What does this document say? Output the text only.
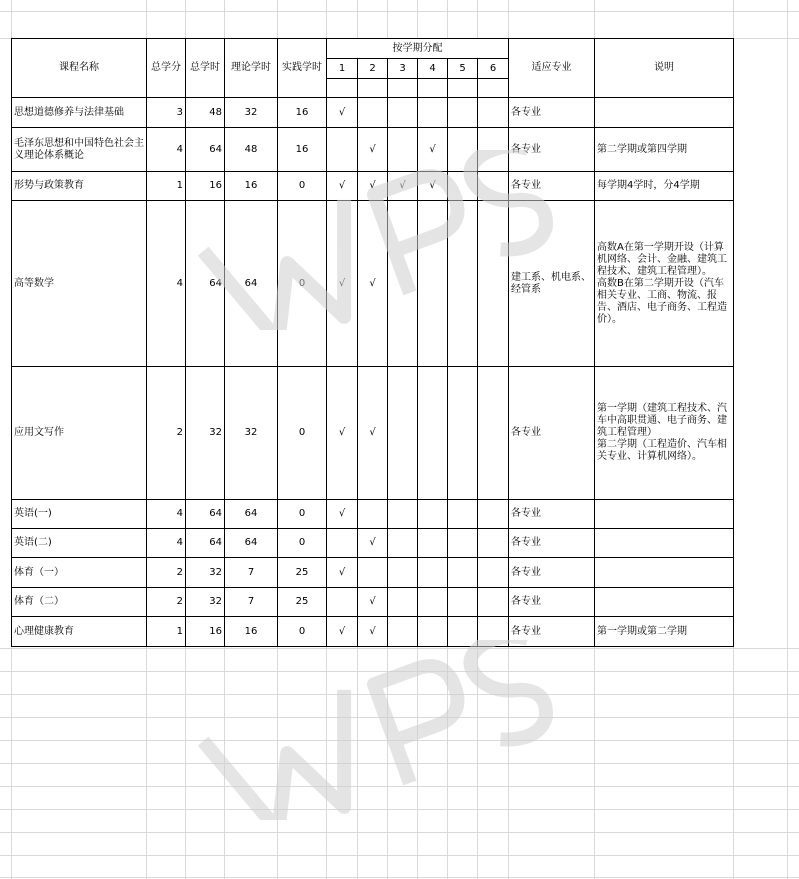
课程名称	总学分	总学时	理论学时	实践学时	按学期分配						适应专业	说明
					1	2	3	4	5	6		

思想道德修养与法律基础	3	48	32	16	√						各专业	
毛泽东思想和中国特色社会主义理论体系概论	4	64	48	16		√		√			各专业	第二学期或第四学期
形势与政策教育	1	16	16	0	√	√	√	√			各专业	每学期4学时，分4学期
高等数学	4	64	64	0	√	√					建工系、机电系、经管系	高数A在第一学期开设（计算机网络、会计、金融、建筑工程技术、建筑工程管理）。
高数B在第二学期开设（汽车相关专业、工商、物流、报告、酒店、电子商务、工程造价）。

应用文写作	2	32	32	0	√	√					各专业	第一学期（建筑工程技术、汽车中高职贯通、电子商务、建筑工程管理）
第二学期（工程造价、汽车相关专业、计算机网络）。

英语(一)	4	64	64	0	√						各专业	
英语(二)	4	64	64	0		√					各专业	
体育（一）	2	32	7	25	√						各专业	
体育（二）	2	32	7	25		√					各专业	
心理健康教育	1	16	16	0	√	√					各专业	第一学期或第二学期
